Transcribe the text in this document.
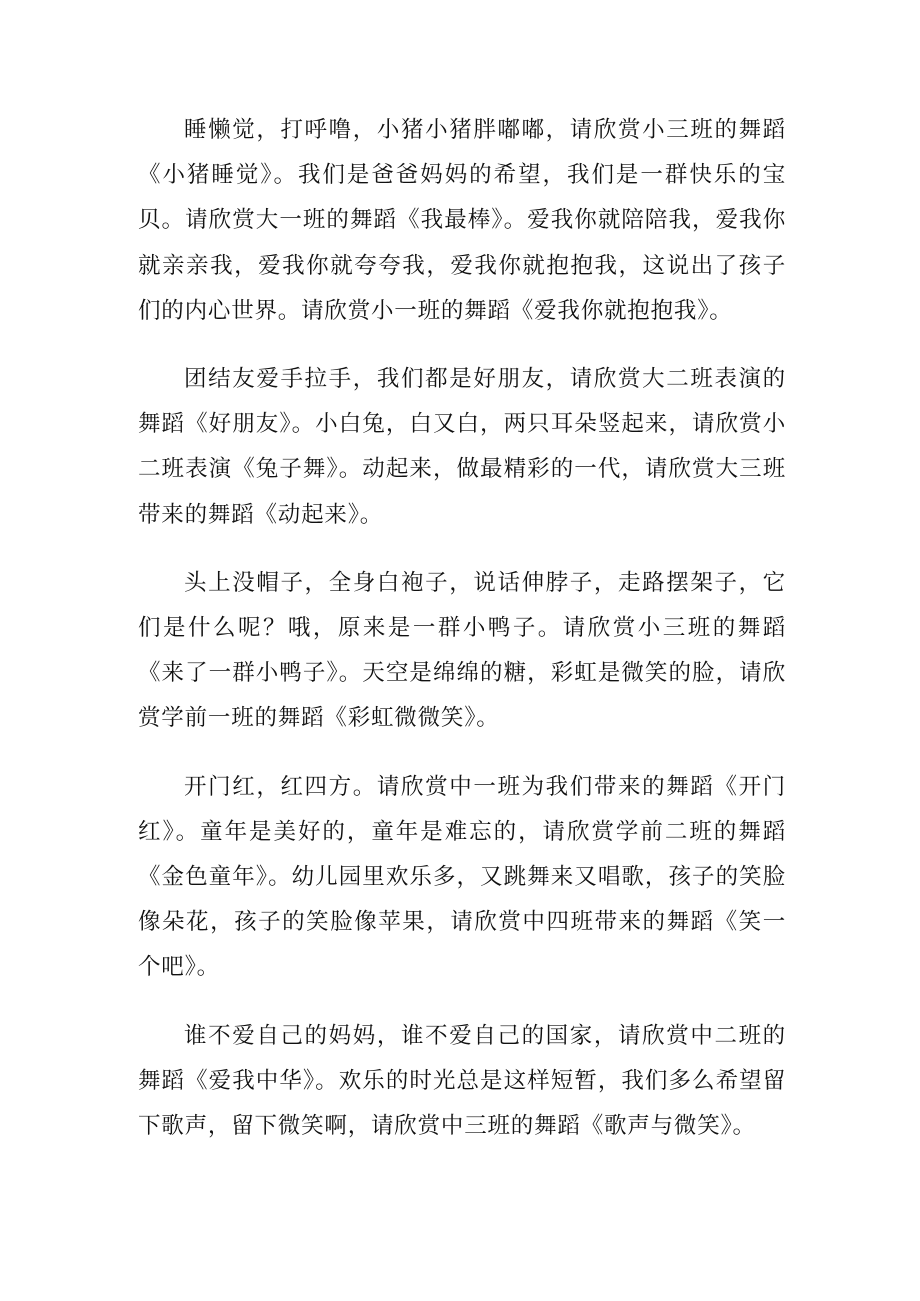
睡懒觉，打呼噜，小猪小猪胖嘟嘟，请欣赏小三班的舞蹈《小猪睡觉》。我们是爸爸妈妈的希望，我们是一群快乐的宝贝。请欣赏大一班的舞蹈《我最棒》。爱我你就陪陪我，爱我你就亲亲我，爱我你就夸夸我，爱我你就抱抱我，这说出了孩子们的内心世界。请欣赏小一班的舞蹈《爱我你就抱抱我》。

团结友爱手拉手，我们都是好朋友，请欣赏大二班表演的舞蹈《好朋友》。小白兔，白又白，两只耳朵竖起来，请欣赏小二班表演《兔子舞》。动起来，做最精彩的一代，请欣赏大三班带来的舞蹈《动起来》。

头上没帽子，全身白袍子，说话伸脖子，走路摆架子，它们是什么呢？哦，原来是一群小鸭子。请欣赏小三班的舞蹈《来了一群小鸭子》。天空是绵绵的糖，彩虹是微笑的脸，请欣赏学前一班的舞蹈《彩虹微微笑》。

开门红，红四方。请欣赏中一班为我们带来的舞蹈《开门红》。童年是美好的，童年是难忘的，请欣赏学前二班的舞蹈《金色童年》。幼儿园里欢乐多，又跳舞来又唱歌，孩子的笑脸像朵花，孩子的笑脸像苹果，请欣赏中四班带来的舞蹈《笑一个吧》。

谁不爱自己的妈妈，谁不爱自己的国家，请欣赏中二班的舞蹈《爱我中华》。欢乐的时光总是这样短暂，我们多么希望留下歌声，留下微笑啊，请欣赏中三班的舞蹈《歌声与微笑》。
